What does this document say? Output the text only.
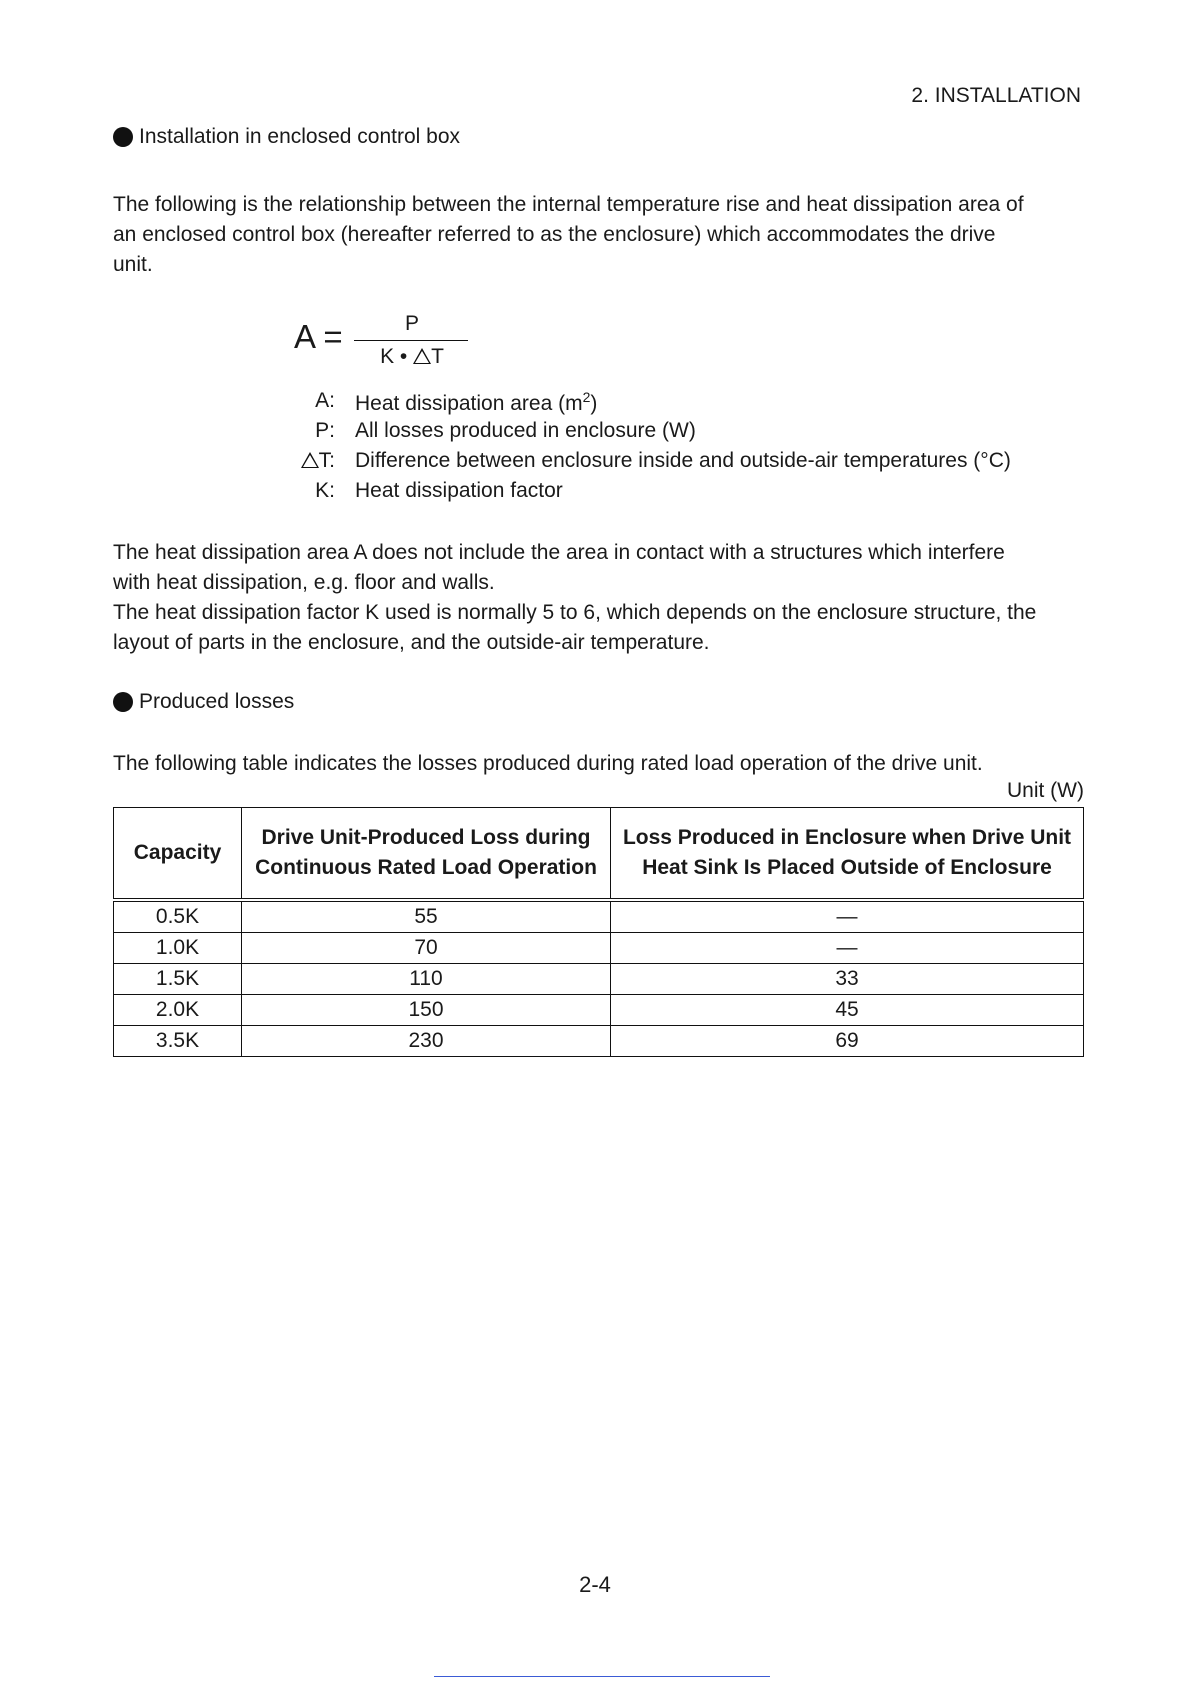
2. INSTALLATION
Installation in enclosed control box

The following is the relationship between the internal temperature rise and heat dissipation area of
an enclosed control box (hereafter referred to as the enclosure) which accommodates the drive
unit.

A =	P
K • T
A: Heat dissipation area $(m^2)$
P: All losses produced in enclosure (W)
T: Difference between enclosure inside and outside-air temperatures (°C)
K: Heat dissipation factor

The heat dissipation area A does not include the area in contact with a structures which interfere
with heat dissipation, e.g. floor and walls.
The heat dissipation factor K used is normally 5 to 6, which depends on the enclosure structure, the
layout of parts in the enclosure, and the outside-air temperature.

Produced losses

The following table indicates the losses produced during rated load operation of the drive unit.

Unit (W)
Capacity	Drive Unit-Produced Loss during Continuous Rated Load Operation	Loss Produced in Enclosure when Drive Unit Heat Sink Is Placed Outside of Enclosure
0.5K	55	—
1.0K	70	—
1.5K	110	33
2.0K	150	45
3.5K	230	69
2-4
